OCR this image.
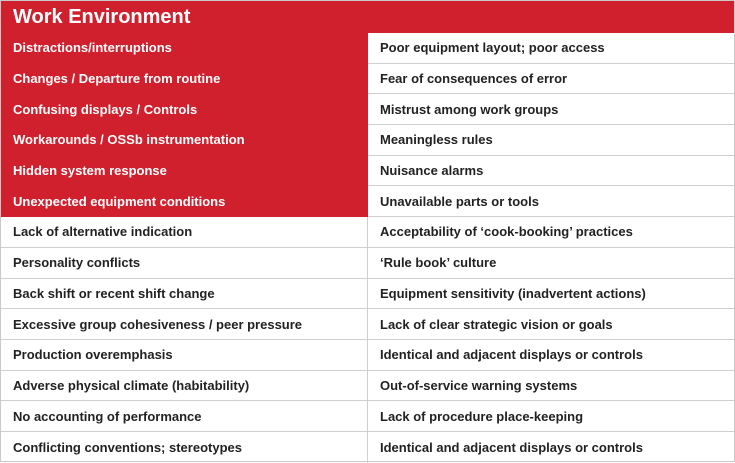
Work Environment
Distractions/interruptions	Poor equipment layout; poor access
Changes / Departure from routine	Fear of consequences of error
Confusing displays / Controls	Mistrust among work groups
Workarounds / OSSb instrumentation	Meaningless rules
Hidden system response	Nuisance alarms
Unexpected equipment conditions	Unavailable parts or tools
Lack of alternative indication	Acceptability of ‘cook-booking’ practices
Personality conflicts	‘Rule book’ culture
Back shift or recent shift change	Equipment sensitivity (inadvertent actions)
Excessive group cohesiveness / peer pressure	Lack of clear strategic vision or goals
Production overemphasis	Identical and adjacent displays or controls
Adverse physical climate (habitability)	Out-of-service warning systems
No accounting of performance	Lack of procedure place-keeping
Conflicting conventions; stereotypes	Identical and adjacent displays or controls
